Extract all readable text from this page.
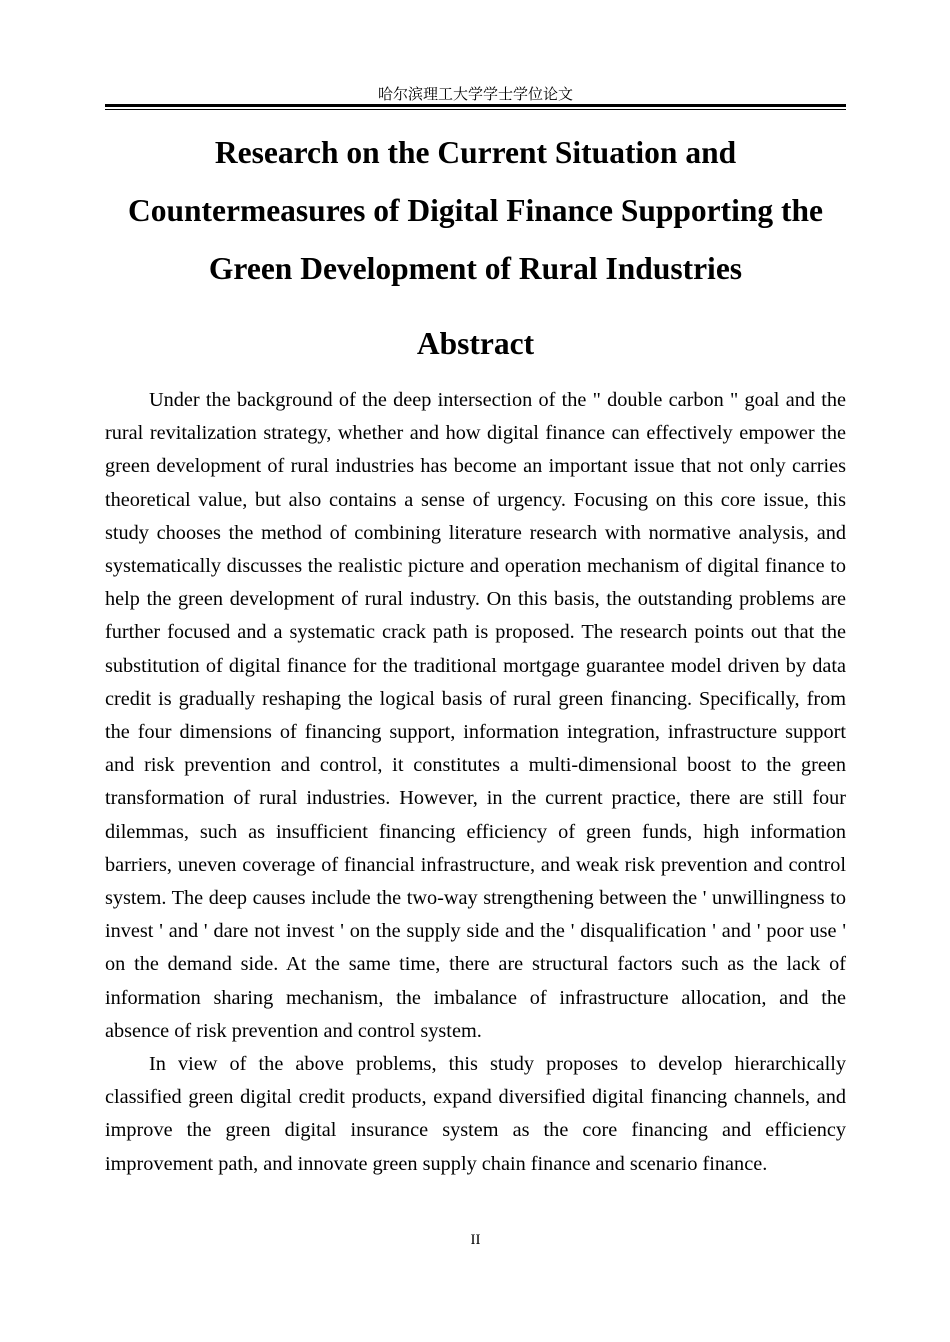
哈尔滨理工大学学士学位论文
Research on the Current Situation and
Countermeasures of Digital Finance Supporting the
Green Development of Rural Industries
Abstract

Under the background of the deep intersection of the " double carbon " goal and the rural revitalization strategy, whether and how digital finance can effectively empower the green development of rural industries has become an important issue that not only carries theoretical value, but also contains a sense of urgency. Focusing on this core issue, this study chooses the method of combining literature research with normative analysis, and systematically discusses the realistic picture and operation mechanism of digital finance to help the green development of rural industry. On this basis, the outstanding problems are further focused and a systematic crack path is proposed. The research points out that the substitution of digital finance for the traditional mortgage guarantee model driven by data credit is gradually reshaping the logical basis of rural green financing. Specifically, from the four dimensions of financing support, information integration, infrastructure support and risk prevention and control, it constitutes a multi-dimensional boost to the green transformation of rural industries. However, in the current practice, there are still four dilemmas, such as insufficient financing efficiency of green funds, high information barriers, uneven coverage of financial infrastructure, and weak risk prevention and control system. The deep causes include the two-way strengthening between the ' unwillingness to invest ' and ' dare not invest ' on the supply side and the ' disqualification ' and ' poor use ' on the demand side. At the same time, there are structural factors such as the lack of information sharing mechanism, the imbalance of infrastructure allocation, and the absence of risk prevention and control system.

In view of the above problems, this study proposes to develop hierarchically classified green digital credit products, expand diversified digital financing channels, and improve the green digital insurance system as the core financing and efficiency improvement path, and innovate green supply chain finance and scenario finance.

II
